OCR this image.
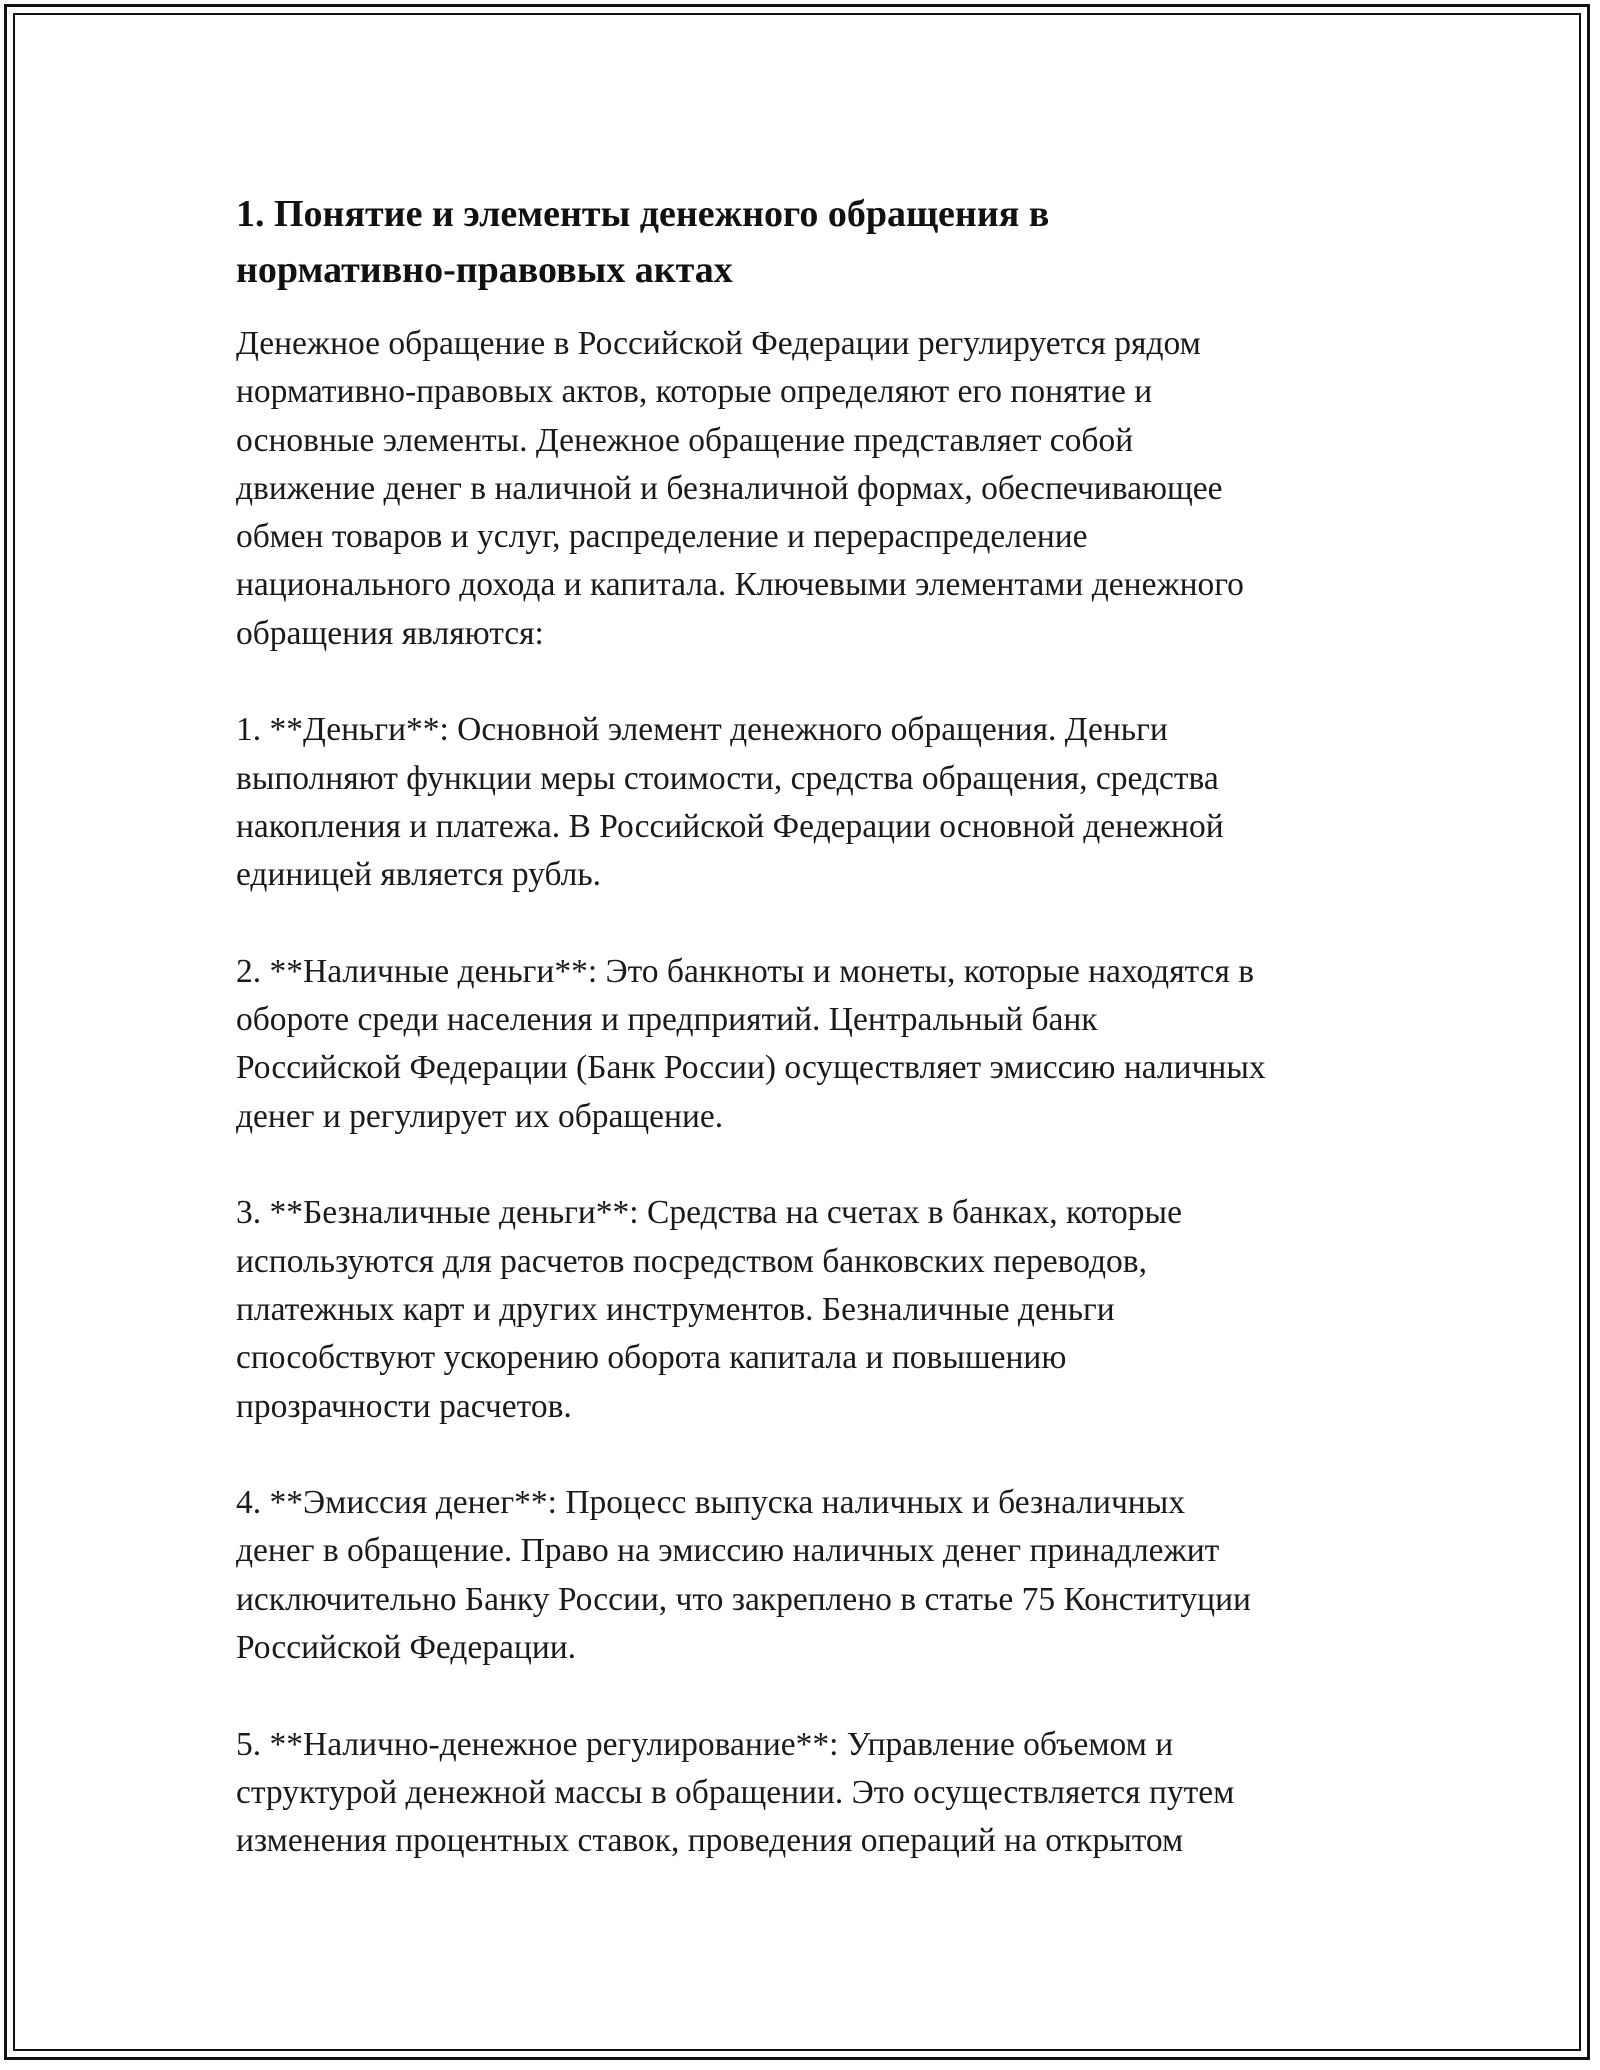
1. Понятие и элементы денежного обращения в
нормативно-правовых актах

Денежное обращение в Российской Федерации регулируется рядом
нормативно-правовых актов, которые определяют его понятие и
основные элементы. Денежное обращение представляет собой
движение денег в наличной и безналичной формах, обеспечивающее
обмен товаров и услуг, распределение и перераспределение
национального дохода и капитала. Ключевыми элементами денежного
обращения являются:

1. **Деньги**: Основной элемент денежного обращения. Деньги
выполняют функции меры стоимости, средства обращения, средства
накопления и платежа. В Российской Федерации основной денежной
единицей является рубль.

2. **Наличные деньги**: Это банкноты и монеты, которые находятся в
обороте среди населения и предприятий. Центральный банк
Российской Федерации (Банк России) осуществляет эмиссию наличных
денег и регулирует их обращение.

3. **Безналичные деньги**: Средства на счетах в банках, которые
используются для расчетов посредством банковских переводов,
платежных карт и других инструментов. Безналичные деньги
способствуют ускорению оборота капитала и повышению
прозрачности расчетов.

4. **Эмиссия денег**: Процесс выпуска наличных и безналичных
денег в обращение. Право на эмиссию наличных денег принадлежит
исключительно Банку России, что закреплено в статье 75 Конституции
Российской Федерации.

5. **Налично-денежное регулирование**: Управление объемом и
структурой денежной массы в обращении. Это осуществляется путем
изменения процентных ставок, проведения операций на открытом
